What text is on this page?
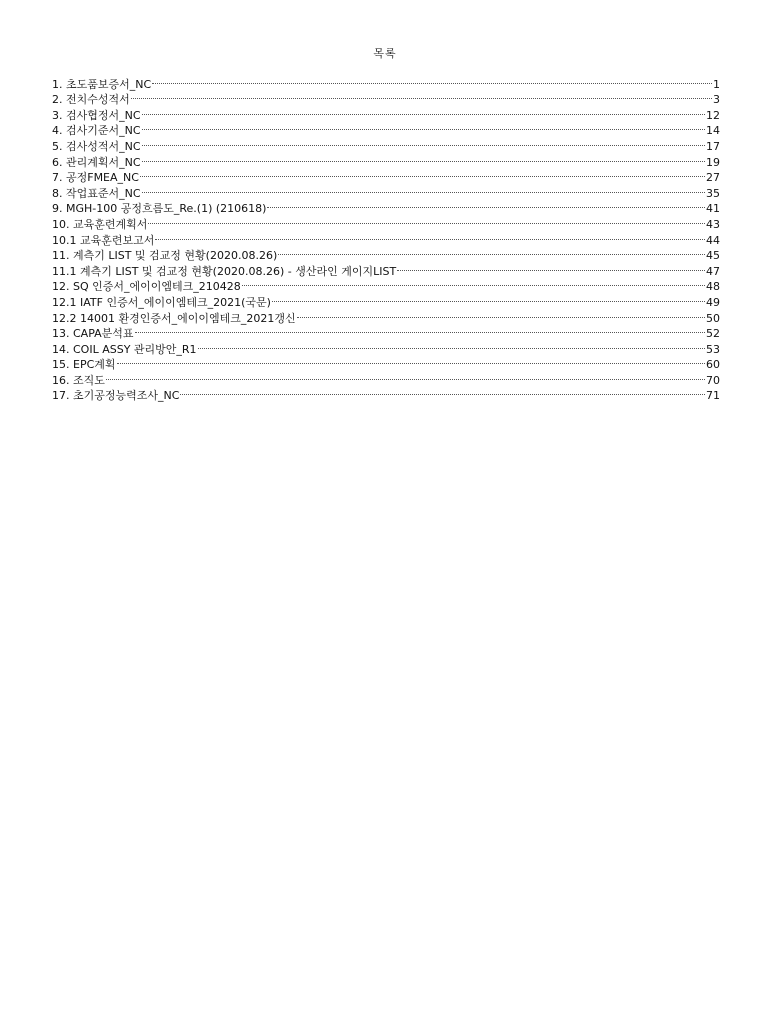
목록
1. 초도품보증서_NC	1
2. 전치수성적서	3
3. 검사협정서_NC	12
4. 검사기준서_NC	14
5. 검사성적서_NC	17
6. 관리계획서_NC	19
7. 공정FMEA_NC	27
8. 작업표준서_NC	35
9. MGH-100 공정흐름도_Re.(1) (210618)	41
10. 교육훈련계획서	43
10.1 교육훈련보고서	44
11. 계측기 LIST 및 검교정 현황(2020.08.26)	45
11.1 계측기 LIST 및 검교정 현황(2020.08.26) - 생산라인 게이지LIST	47
12. SQ 인증서_에이이엠테크_210428	48
12.1 IATF 인증서_에이이엠테크_2021(국문)	49
12.2 14001 환경인증서_에이이엠테크_2021갱신	50
13. CAPA분석표	52
14. COIL ASSY 관리방안_R1	53
15. EPC계획	60
16. 조직도	70
17. 초기공정능력조사_NC	71
